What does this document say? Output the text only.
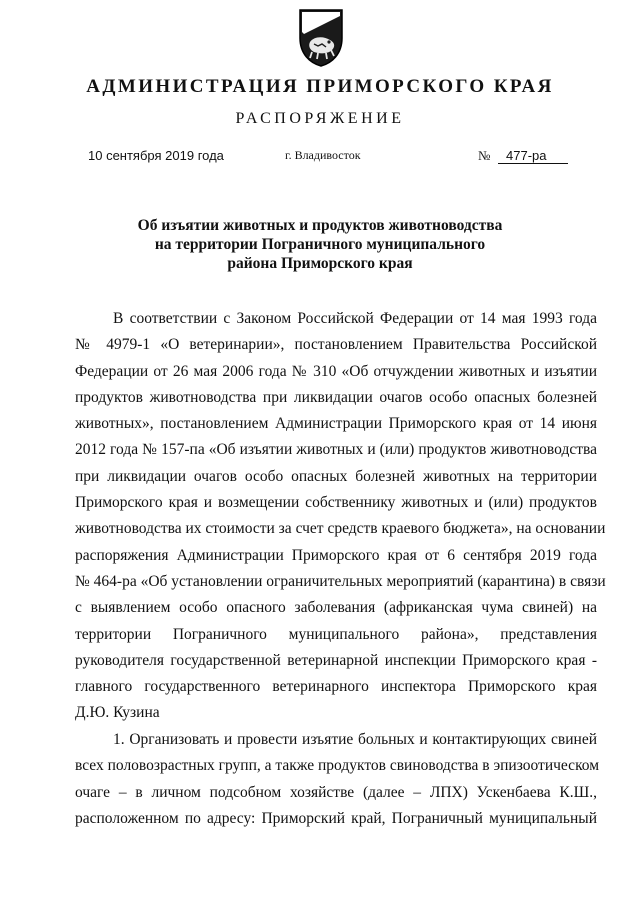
АДМИНИСТРАЦИЯ ПРИМОРСКОГО КРАЯ
РАСПОРЯЖЕНИЕ
10 сентября 2019 года	г. Владивосток	№	477-ра
Об изъятии животных и продуктов животноводства
на территории Пограничного муниципального
района Приморского края
В соответствии с Законом Российской Федерации от 14 мая 1993 года
№ 4979-1 «О ветеринарии», постановлением Правительства Российской
Федерации от 26 мая 2006 года № 310 «Об отчуждении животных и изъятии
продуктов животноводства при ликвидации очагов особо опасных болезней
животных», постановлением Администрации Приморского края от 14 июня
2012 года № 157-па «Об изъятии животных и (или) продуктов животноводства
при ликвидации очагов особо опасных болезней животных на территории
Приморского края и возмещении собственнику животных и (или) продуктов
животноводства их стоимости за счет средств краевого бюджета», на основании
распоряжения Администрации Приморского края от 6 сентября 2019 года
№ 464-ра «Об установлении ограничительных мероприятий (карантина) в связи
с выявлением особо опасного заболевания (африканская чума свиней) на
территории Пограничного муниципального района», представления
руководителя государственной ветеринарной инспекции Приморского края -
главного государственного ветеринарного инспектора Приморского края
Д.Ю. Кузина
1. Организовать и провести изъятие больных и контактирующих свиней
всех половозрастных групп, а также продуктов свиноводства в эпизоотическом
очаге – в личном подсобном хозяйстве (далее – ЛПХ) Ускенбаева К.Ш.,
расположенном по адресу: Приморский край, Пограничный муниципальный
